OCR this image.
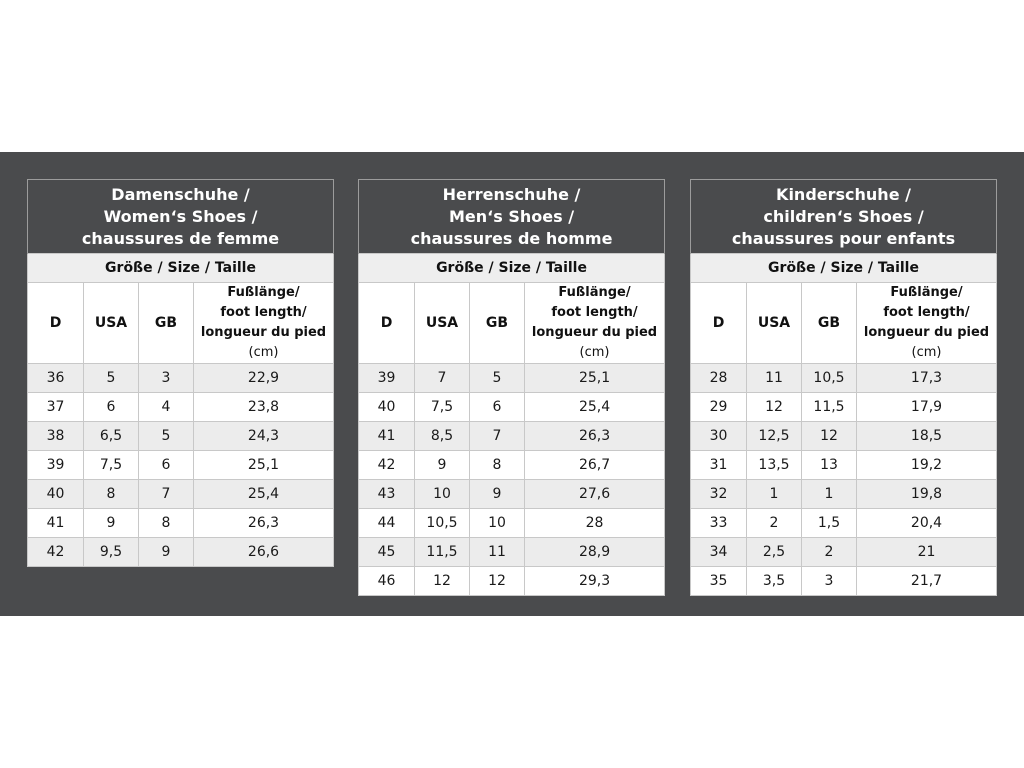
Damenschuhe /
Women‘s Shoes /
chaussures de femme			

Größe / Size / Taille			
D	USA	GB	Fußlänge/
foot length/
longueur du pied
(cm)

36	5	3	22,9
37	6	4	23,8
38	6,5	5	24,3
39	7,5	6	25,1
40	8	7	25,4
41	9	8	26,3
42	9,5	9	26,6
Herrenschuhe /
Men‘s Shoes /
chaussures de homme			

Größe / Size / Taille			
D	USA	GB	Fußlänge/
foot length/
longueur du pied
(cm)

39	7	5	25,1
40	7,5	6	25,4
41	8,5	7	26,3
42	9	8	26,7
43	10	9	27,6
44	10,5	10	28
45	11,5	11	28,9
46	12	12	29,3
Kinderschuhe /
children‘s Shoes /
chaussures pour enfants			

Größe / Size / Taille			
D	USA	GB	Fußlänge/
foot length/
longueur du pied
(cm)

28	11	10,5	17,3
29	12	11,5	17,9
30	12,5	12	18,5
31	13,5	13	19,2
32	1	1	19,8
33	2	1,5	20,4
34	2,5	2	21
35	3,5	3	21,7
